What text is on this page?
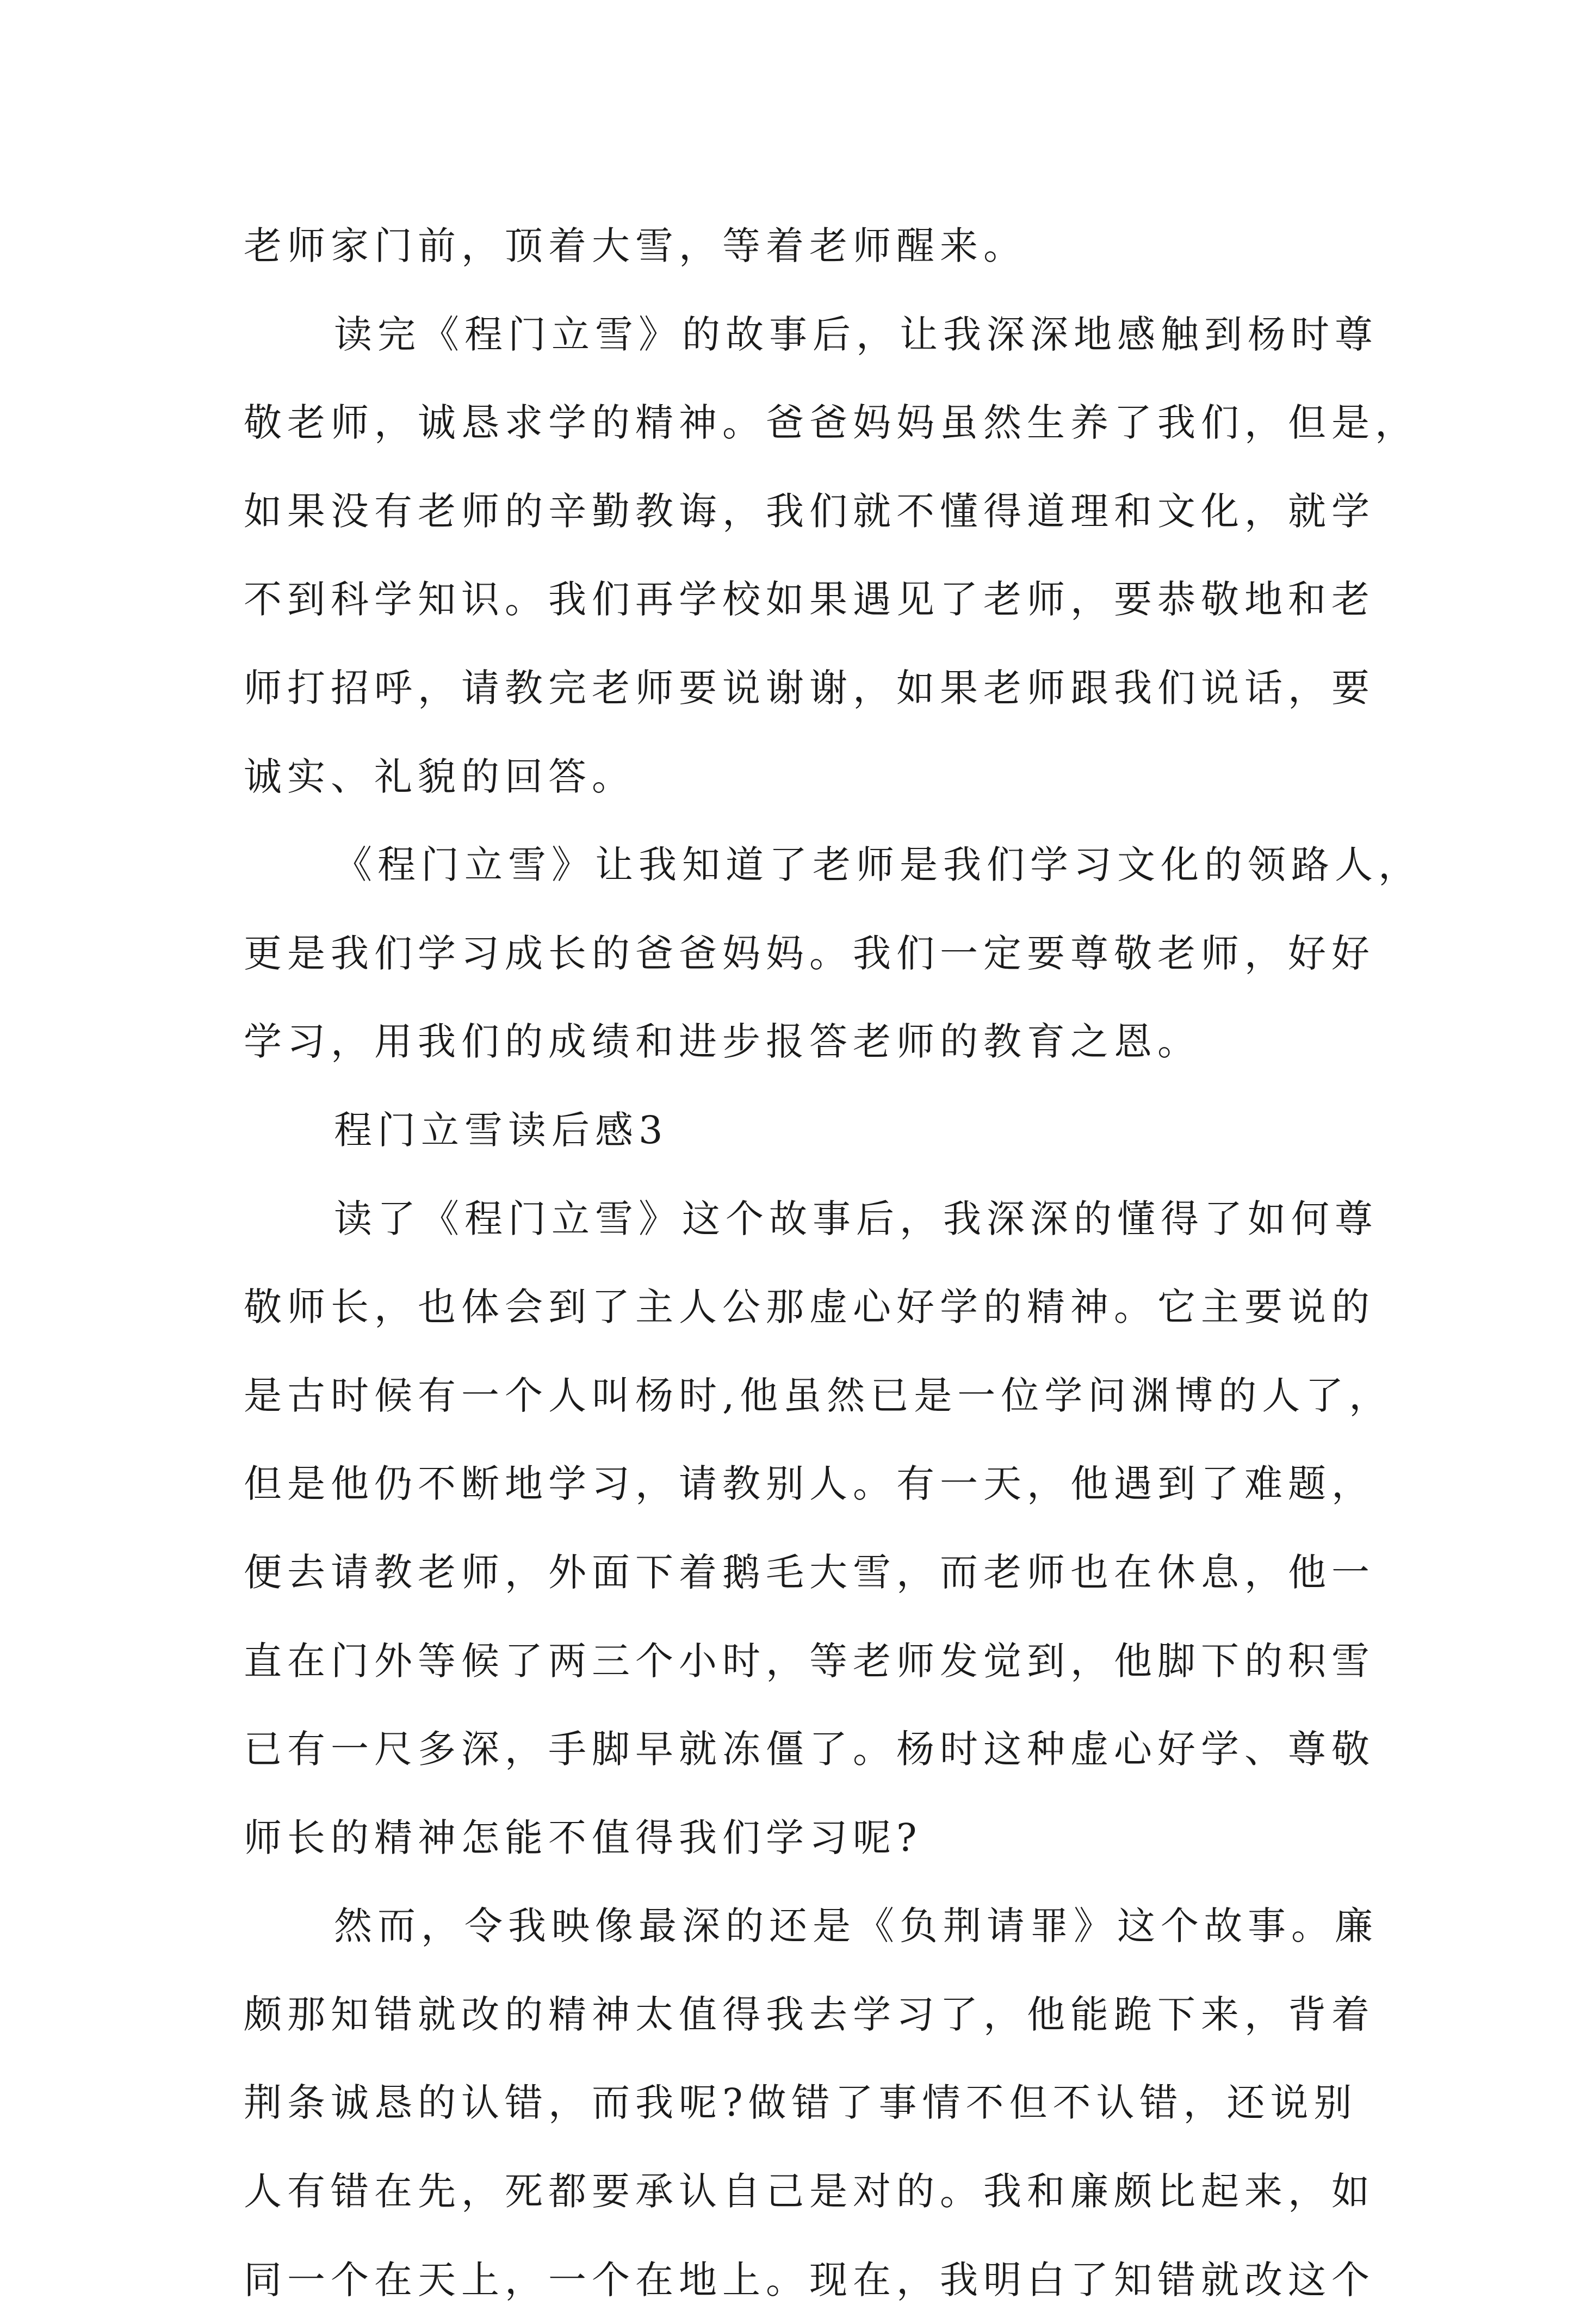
老师家门前，顶着大雪，等着老师醒来。

读完《程门立雪》的故事后，让我深深地感触到杨时尊
敬老师，诚恳求学的精神。爸爸妈妈虽然生养了我们，但是，
如果没有老师的辛勤教诲，我们就不懂得道理和文化，就学
不到科学知识。我们再学校如果遇见了老师，要恭敬地和老
师打招呼，请教完老师要说谢谢，如果老师跟我们说话，要
诚实、礼貌的回答。

《程门立雪》让我知道了老师是我们学习文化的领路人，
更是我们学习成长的爸爸妈妈。我们一定要尊敬老师，好好
学习，用我们的成绩和进步报答老师的教育之恩。

程门立雪读后感3

读了《程门立雪》这个故事后，我深深的懂得了如何尊
敬师长，也体会到了主人公那虚心好学的精神。它主要说的
是古时候有一个人叫杨时,他虽然已是一位学问渊博的人了，
但是他仍不断地学习，请教别人。有一天，他遇到了难题，
便去请教老师，外面下着鹅毛大雪，而老师也在休息，他一
直在门外等候了两三个小时，等老师发觉到，他脚下的积雪
已有一尺多深，手脚早就冻僵了。杨时这种虚心好学、尊敬
师长的精神怎能不值得我们学习呢?

然而，令我映像最深的还是《负荆请罪》这个故事。廉
颇那知错就改的精神太值得我去学习了，他能跪下来，背着
荆条诚恳的认错，而我呢?做错了事情不但不认错，还说别
人有错在先，死都要承认自己是对的。我和廉颇比起来，如
同一个在天上，一个在地上。现在，我明白了知错就改这个
